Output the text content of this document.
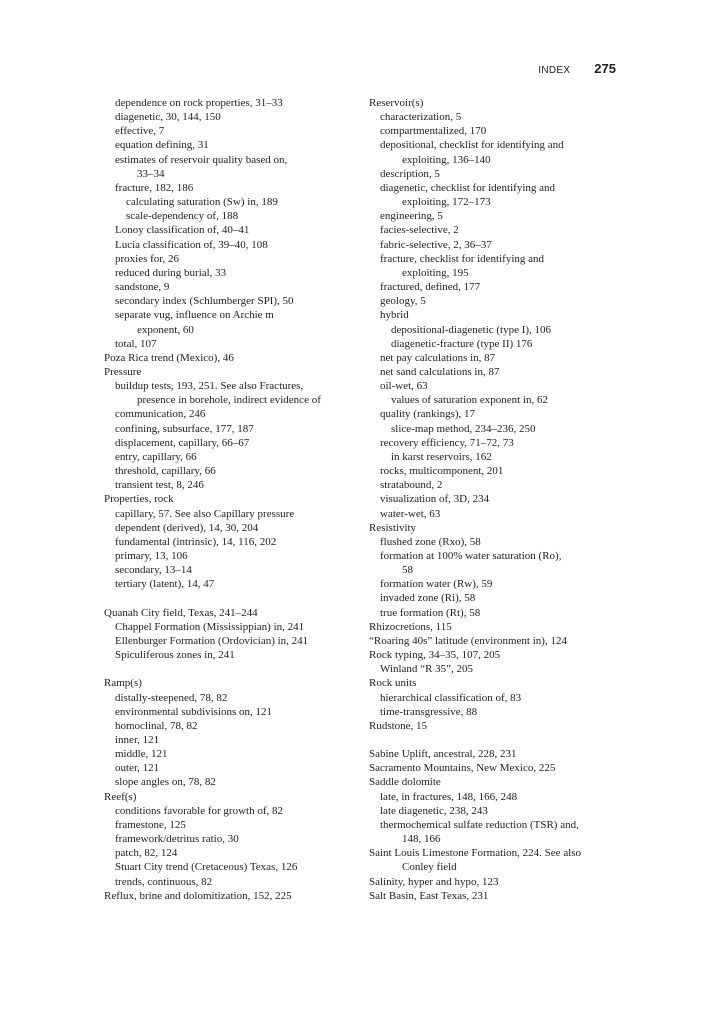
INDEX 275
dependence on rock properties, 31–33
diagenetic, 30, 144, 150
effective, 7
equation defining, 31
estimates of reservoir quality based on,
33–34
fracture, 182, 186
calculating saturation (Sw) in, 189
scale-dependency of, 188
Lonoy classification of, 40–41
Lucia classification of, 39–40, 108
proxies for, 26
reduced during burial, 33
sandstone, 9
secondary index (Schlumberger SPI), 50
separate vug, influence on Archie m
exponent, 60
total, 107
Poza Rica trend (Mexico), 46
Pressure
buildup tests, 193, 251. See also Fractures,
presence in borehole, indirect evidence of
communication, 246
confining, subsurface, 177, 187
displacement, capillary, 66–67
entry, capillary, 66
threshold, capillary, 66
transient test, 8, 246
Properties, rock
capillary, 57. See also Capillary pressure
dependent (derived), 14, 30, 204
fundamental (intrinsic), 14, 116, 202
primary, 13, 106
secondary, 13–14
tertiary (latent), 14, 47
Quanah City field, Texas, 241–244
Chappel Formation (Mississippian) in, 241
Ellenburger Formation (Ordovician) in, 241
Spiculiferous zones in, 241
Ramp(s)
distally-steepened, 78, 82
environmental subdivisions on, 121
homoclinal, 78, 82
inner, 121
middle, 121
outer, 121
slope angles on, 78, 82
Reef(s)
conditions favorable for growth of, 82
framestone, 125
framework/detritus ratio, 30
patch, 82, 124
Stuart City trend (Cretaceous) Texas, 126
trends, continuous, 82
Reflux, brine and dolomitization, 152, 225
Reservoir(s)
characterization, 5
compartmentalized, 170
depositional, checklist for identifying and
exploiting, 136–140
description, 5
diagenetic, checklist for identifying and
exploiting, 172–173
engineering, 5
facies-selective, 2
fabric-selective, 2, 36–37
fracture, checklist for identifying and
exploiting, 195
fractured, defined, 177
geology, 5
hybrid
depositional-diagenetic (type I), 106
diagenetic-fracture (type II) 176
net pay calculations in, 87
net sand calculations in, 87
oil-wet, 63
values of saturation exponent in, 62
quality (rankings), 17
slice-map method, 234–236, 250
recovery efficiency, 71–72, 73
in karst reservoirs, 162
rocks, multicomponent, 201
stratabound, 2
visualization of, 3D, 234
water-wet, 63
Resistivity
flushed zone (Rxo), 58
formation at 100% water saturation (Ro),
58
formation water (Rw), 59
invaded zone (Ri), 58
true formation (Rt), 58
Rhizocretions, 115
“Roaring 40s” latitude (environment in), 124
Rock typing, 34–35, 107, 205
Winland “R 35”, 205
Rock units
hierarchical classification of, 83
time-transgressive, 88
Rudstone, 15
Sabine Uplift, ancestral, 228, 231
Sacramento Mountains, New Mexico, 225
Saddle dolomite
late, in fractures, 148, 166, 248
late diagenetic, 238, 243
thermochemical sulfate reduction (TSR) and,
148, 166
Saint Louis Limestone Formation, 224. See also
Conley field
Salinity, hyper and hypo, 123
Salt Basin, East Texas, 231
